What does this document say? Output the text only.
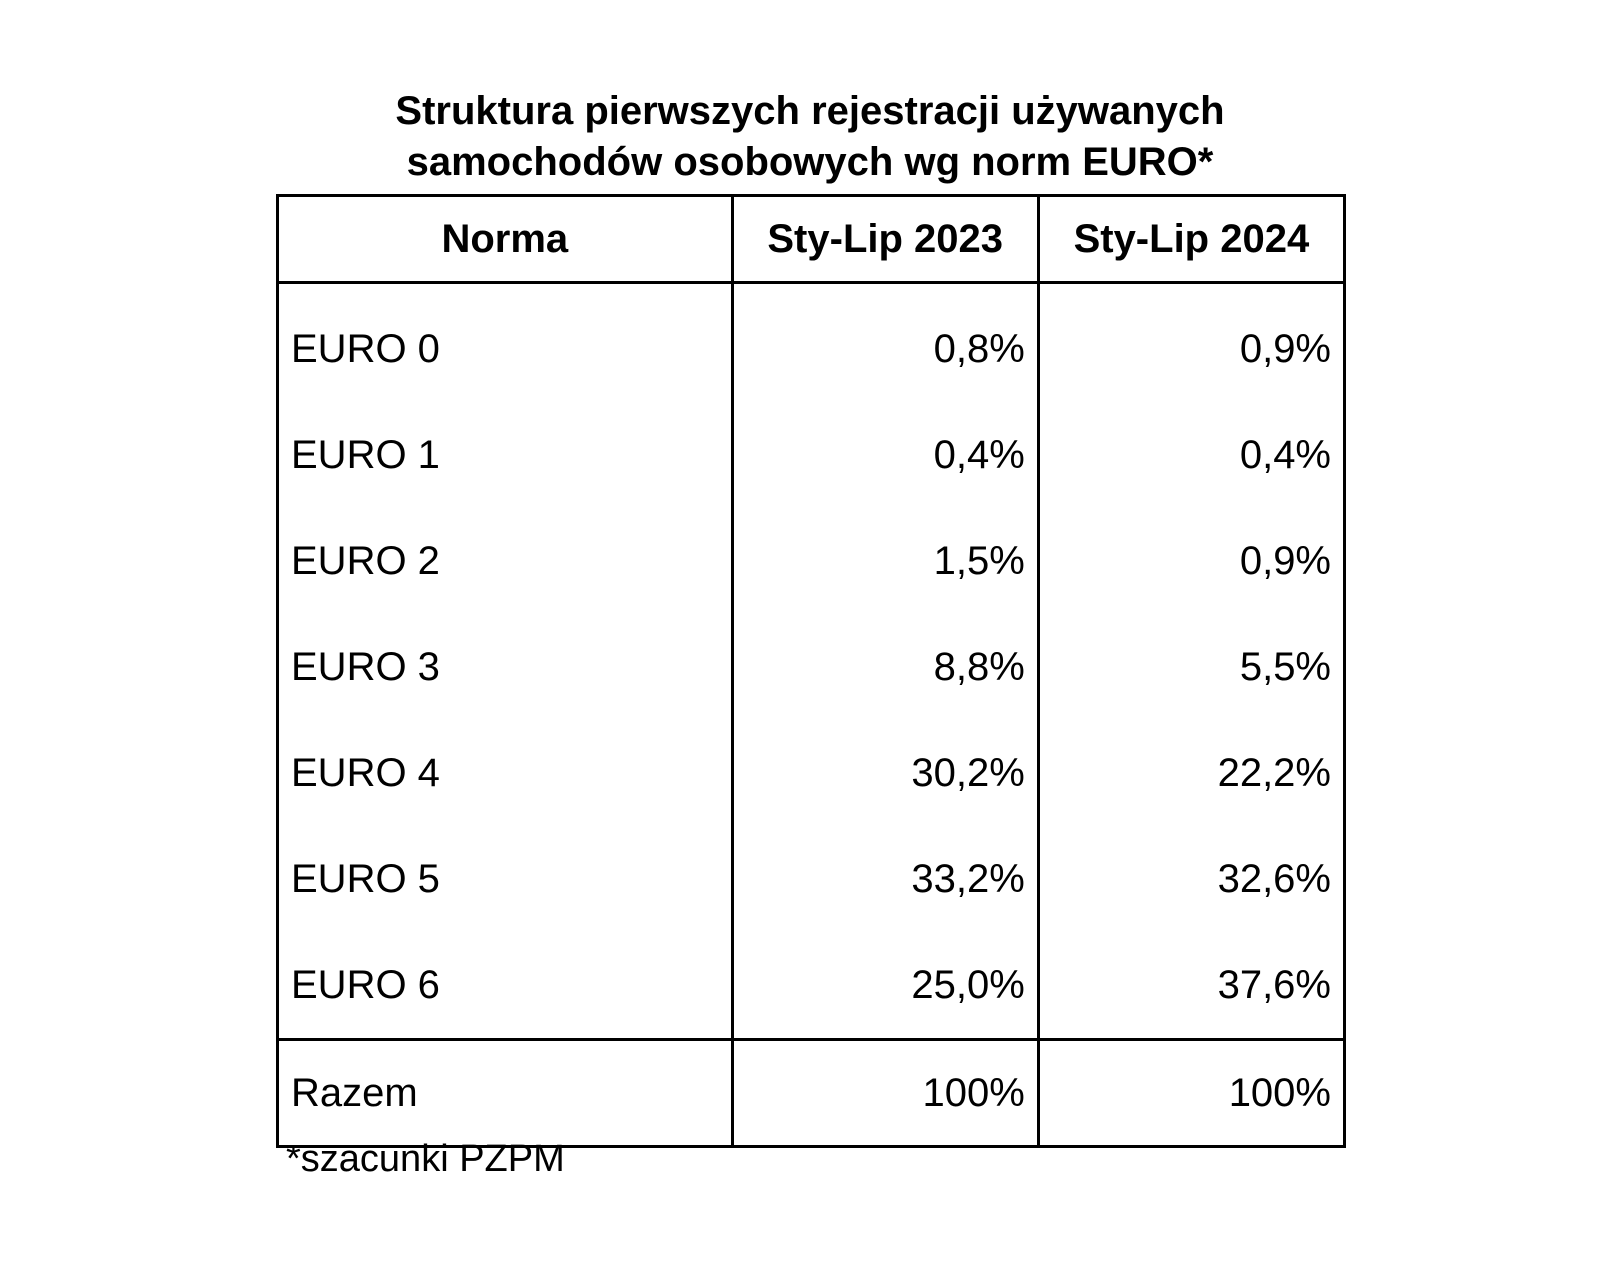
Struktura pierwszych rejestracji używanych
samochodów osobowych wg norm EURO*
Norma	Sty-Lip 2023	Sty-Lip 2024
EURO 0	0,8%	0,9%
EURO 1	0,4%	0,4%
EURO 2	1,5%	0,9%
EURO 3	8,8%	5,5%
EURO 4	30,2%	22,2%
EURO 5	33,2%	32,6%
EURO 6	25,0%	37,6%
Razem	100%	100%
*szacunki PZPM
